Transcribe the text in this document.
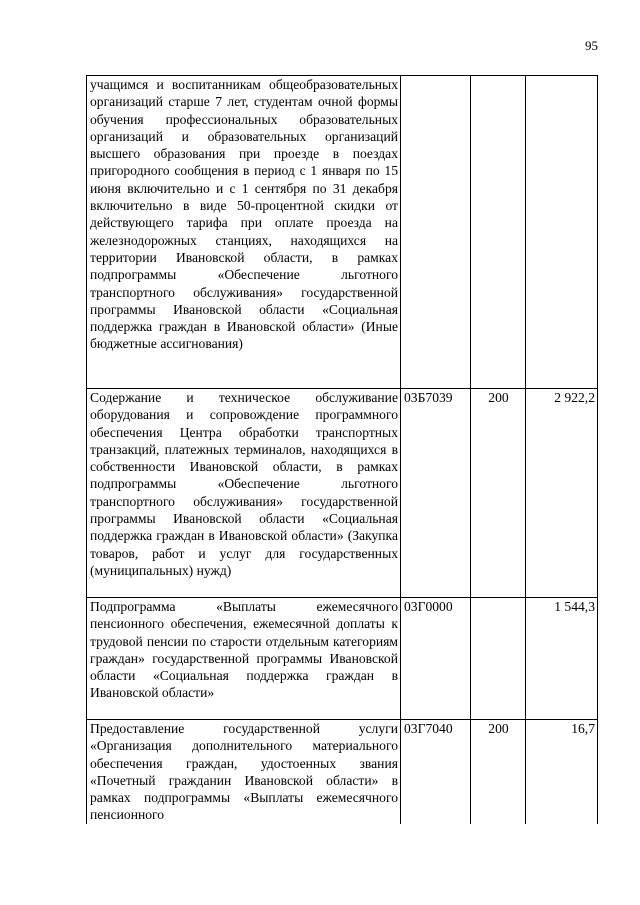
95
учащимся и воспитанникам общеобразовательных организаций старше 7 лет, студентам очной формы обучения профессиональных образовательных организаций и образовательных организаций высшего образования при проезде в поездах пригородного сообщения в период с 1 января по 15 июня включительно и с 1 сентября по 31 декабря включительно в виде 50-процентной скидки от действующего тарифа при оплате проезда на железнодорожных станциях, находящихся на территории Ивановской области, в рамках подпрограммы «Обеспечение льготного транспортного обслуживания» государственной программы Ивановской области «Социальная поддержка граждан в Ивановской области» (Иные бюджетные ассигнования)			
Содержание и техническое обслуживание оборудования и сопровождение программного обеспечения Центра обработки транспортных транзакций, платежных терминалов, находящихся в собственности Ивановской области, в рамках подпрограммы «Обеспечение льготного транспортного обслуживания» государственной программы Ивановской области «Социальная поддержка граждан в Ивановской области» (Закупка товаров, работ и услуг для государственных (муниципальных) нужд)	03Б7039	200	2 922,2
Подпрограмма «Выплаты ежемесячного пенсионного обеспечения, ежемесячной доплаты к трудовой пенсии по старости отдельным категориям граждан» государственной программы Ивановской области «Социальная поддержка граждан в Ивановской области»	03Г0000		1 544,3
Предоставление государственной услуги «Организация дополнительного материального обеспечения граждан, удостоенных звания «Почетный гражданин Ивановской области» в рамках подпрограммы «Выплаты ежемесячного пенсионного	03Г7040	200	16,7
